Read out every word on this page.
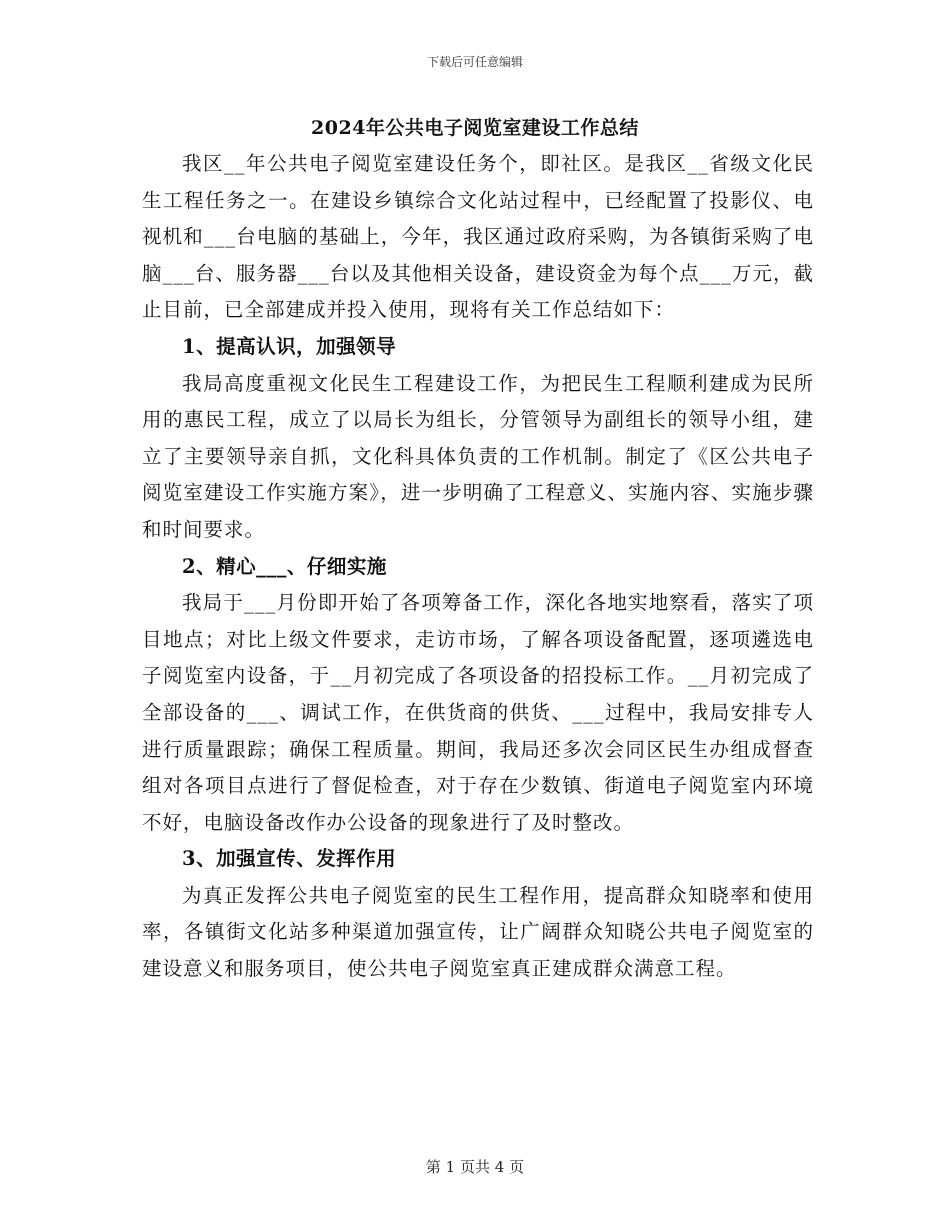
下载后可任意编辑
2024年公共电子阅览室建设工作总结

我区__年公共电子阅览室建设任务个，即社区。是我区__省级文化民生工程任务之一。在建设乡镇综合文化站过程中，已经配置了投影仪、电视机和___台电脑的基础上，今年，我区通过政府采购，为各镇街采购了电脑___台、服务器___台以及其他相关设备，建设资金为每个点___万元，截止目前，已全部建成并投入使用，现将有关工作总结如下：

1、提高认识，加强领导

我局高度重视文化民生工程建设工作，为把民生工程顺利建成为民所用的惠民工程，成立了以局长为组长，分管领导为副组长的领导小组，建立了主要领导亲自抓，文化科具体负责的工作机制。制定了《区公共电子阅览室建设工作实施方案》，进一步明确了工程意义、实施内容、实施步骤和时间要求。

2、精心___、仔细实施

我局于___月份即开始了各项筹备工作，深化各地实地察看，落实了项目地点；对比上级文件要求，走访市场，了解各项设备配置，逐项遴选电子阅览室内设备，于__月初完成了各项设备的招投标工作。__月初完成了全部设备的___、调试工作，在供货商的供货、___过程中，我局安排专人进行质量跟踪；确保工程质量。期间，我局还多次会同区民生办组成督查组对各项目点进行了督促检查，对于存在少数镇、街道电子阅览室内环境不好，电脑设备改作办公设备的现象进行了及时整改。

3、加强宣传、发挥作用

为真正发挥公共电子阅览室的民生工程作用，提高群众知晓率和使用率，各镇街文化站多种渠道加强宣传，让广阔群众知晓公共电子阅览室的建设意义和服务项目，使公共电子阅览室真正建成群众满意工程。

第 1 页共 4 页
